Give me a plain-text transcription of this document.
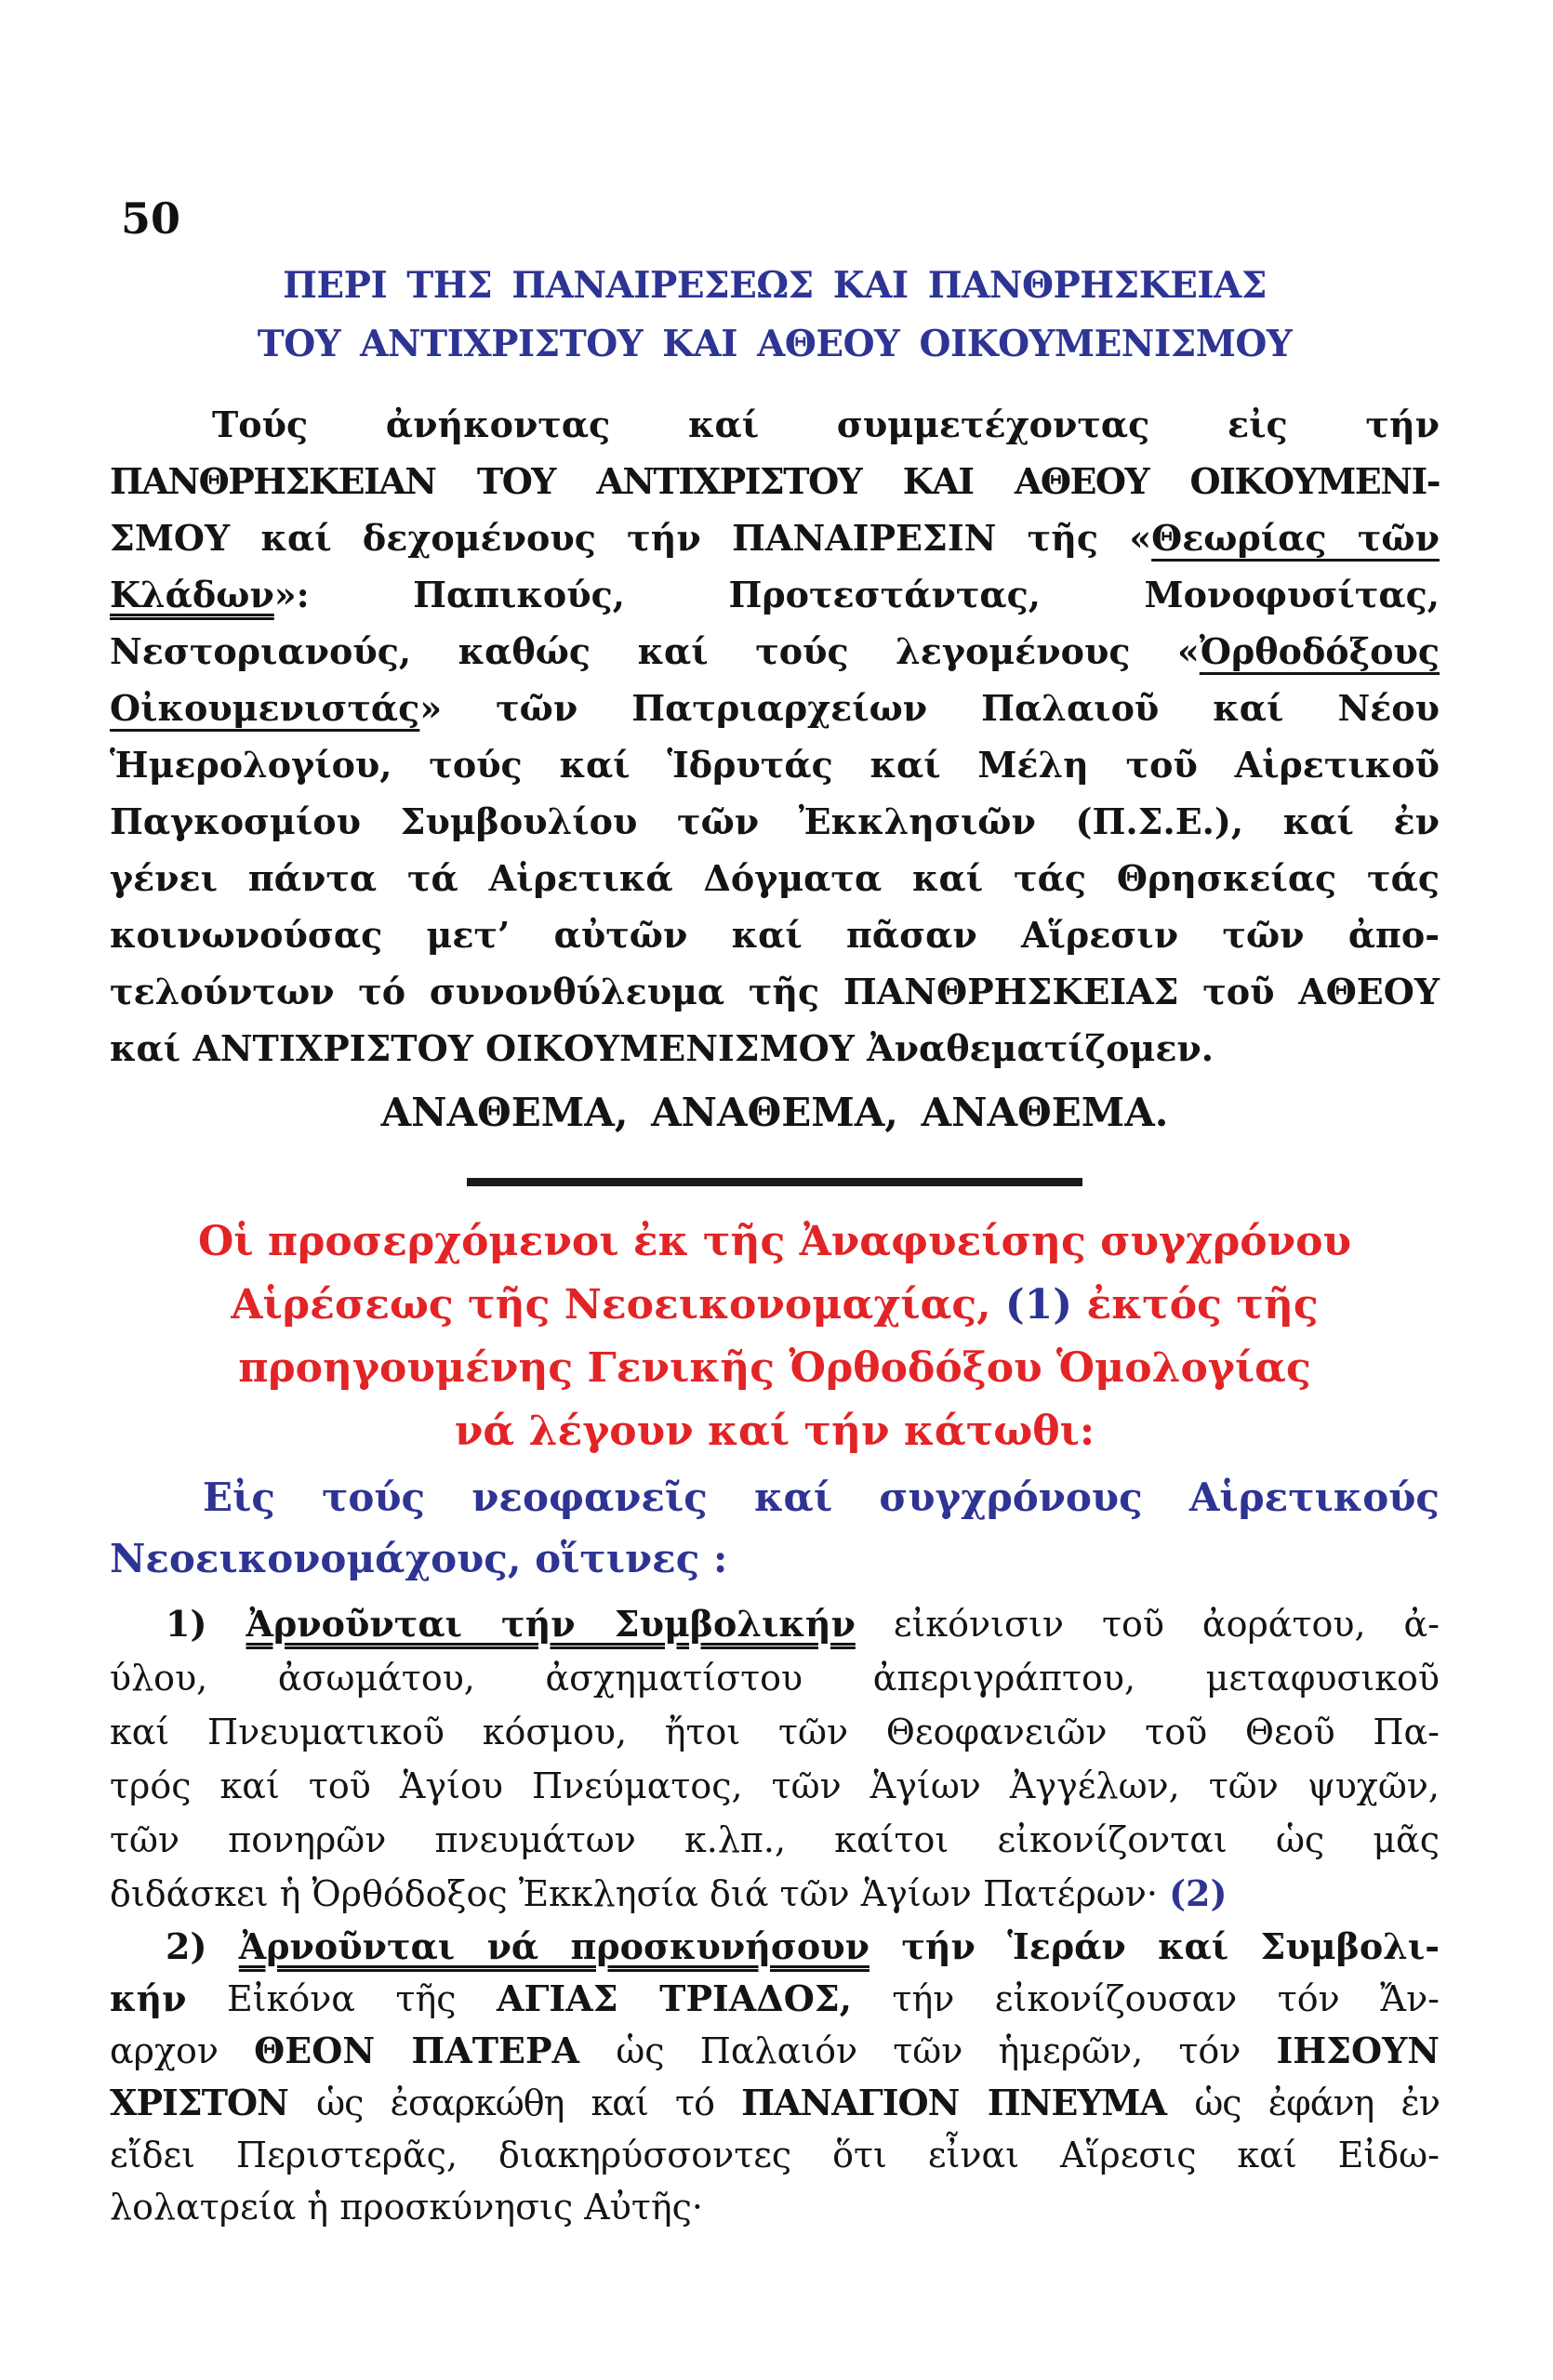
50
ΠΕΡΙ ΤΗΣ ΠΑΝΑΙΡΕΣΕΩΣ ΚΑΙ ΠΑΝΘΡΗΣΚΕΙΑΣ
ΤΟΥ ΑΝΤΙΧΡΙΣΤΟΥ ΚΑΙ ΑΘΕΟΥ ΟΙΚΟΥΜΕΝΙΣΜΟΥ
Τούς ἀνήκοντας καί συμμετέχοντας εἰς τήν
ΠΑΝΘΡΗΣΚΕΙΑΝ ΤΟΥ ΑΝΤΙΧΡΙΣΤΟΥ ΚΑΙ ΑΘΕΟΥ ΟΙΚΟΥΜΕΝΙ-
ΣΜΟΥ καί δεχομένους τήν ΠΑΝΑΙΡΕΣΙΝ τῆς «Θεωρίας τῶν
Κλάδων»: Παπικούς, Προτεστάντας, Μονοφυσίτας,
Νεστοριανούς, καθώς καί τούς λεγομένους «Ὀρθοδόξους
Οἰκουμενιστάς» τῶν Πατριαρχείων Παλαιοῦ καί Νέου
Ἡμερολογίου, τούς καί Ἱδρυτάς καί Μέλη τοῦ Αἱρετικοῦ
Παγκοσμίου Συμβουλίου τῶν Ἐκκλησιῶν (Π.Σ.Ε.), καί ἐν
γένει πάντα τά Αἱρετικά Δόγματα καί τάς Θρησκείας τάς
κοινωνούσας μετ’ αὐτῶν καί πᾶσαν Αἵρεσιν τῶν ἀπο-
τελούντων τό συνονθύλευμα τῆς ΠΑΝΘΡΗΣΚΕΙΑΣ τοῦ ΑΘΕΟΥ
καί ΑΝΤΙΧΡΙΣΤΟΥ ΟΙΚΟΥΜΕΝΙΣΜΟΥ Ἀναθεματίζομεν.
ΑΝΑΘΕΜΑ, ΑΝΑΘΕΜΑ, ΑΝΑΘΕΜΑ.
Οἱ προσερχόμενοι ἐκ τῆς Ἀναφυείσης συγχρόνου
Αἱρέσεως τῆς Νεοεικονομαχίας, (1) ἐκτός τῆς
προηγουμένης Γενικῆς Ὀρθοδόξου Ὁμολογίας
νά λέγουν καί τήν κάτωθι:
Εἰς τούς νεοφανεῖς καί συγχρόνους Αἱρετικούς
Νεοεικονομάχους, οἵτινες :
1) Ἀρνοῦνται τήν Συμβολικήν εἰκόνισιν τοῦ ἀοράτου, ἀ-
ύλου, ἀσωμάτου, ἀσχηματίστου ἀπεριγράπτου, μεταφυσικοῦ
καί Πνευματικοῦ κόσμου, ἤτοι τῶν Θεοφανειῶν τοῦ Θεοῦ Πα-
τρός καί τοῦ Ἁγίου Πνεύματος, τῶν Ἁγίων Ἀγγέλων, τῶν ψυχῶν,
τῶν πονηρῶν πνευμάτων κ.λπ., καίτοι εἰκονίζονται ὡς μᾶς
διδάσκει ἡ Ὀρθόδοξος Ἐκκλησία διά τῶν Ἁγίων Πατέρων· (2)
2) Ἀρνοῦνται νά προσκυνήσουν τήν Ἱεράν καί Συμβολι-
κήν Εἰκόνα τῆς ΑΓΙΑΣ ΤΡΙΑΔΟΣ, τήν εἰκονίζουσαν τόν Ἄν-
αρχον ΘΕΟΝ ΠΑΤΕΡΑ ὡς Παλαιόν τῶν ἡμερῶν, τόν ΙΗΣΟΥΝ
ΧΡΙΣΤΟΝ ὡς ἐσαρκώθη καί τό ΠΑΝΑΓΙΟΝ ΠΝΕΥΜΑ ὡς ἐφάνη ἐν
εἴδει Περιστερᾶς, διακηρύσσοντες ὅτι εἶναι Αἵρεσις καί Εἰδω-
λολατρεία ἡ προσκύνησις Αὐτῆς·
